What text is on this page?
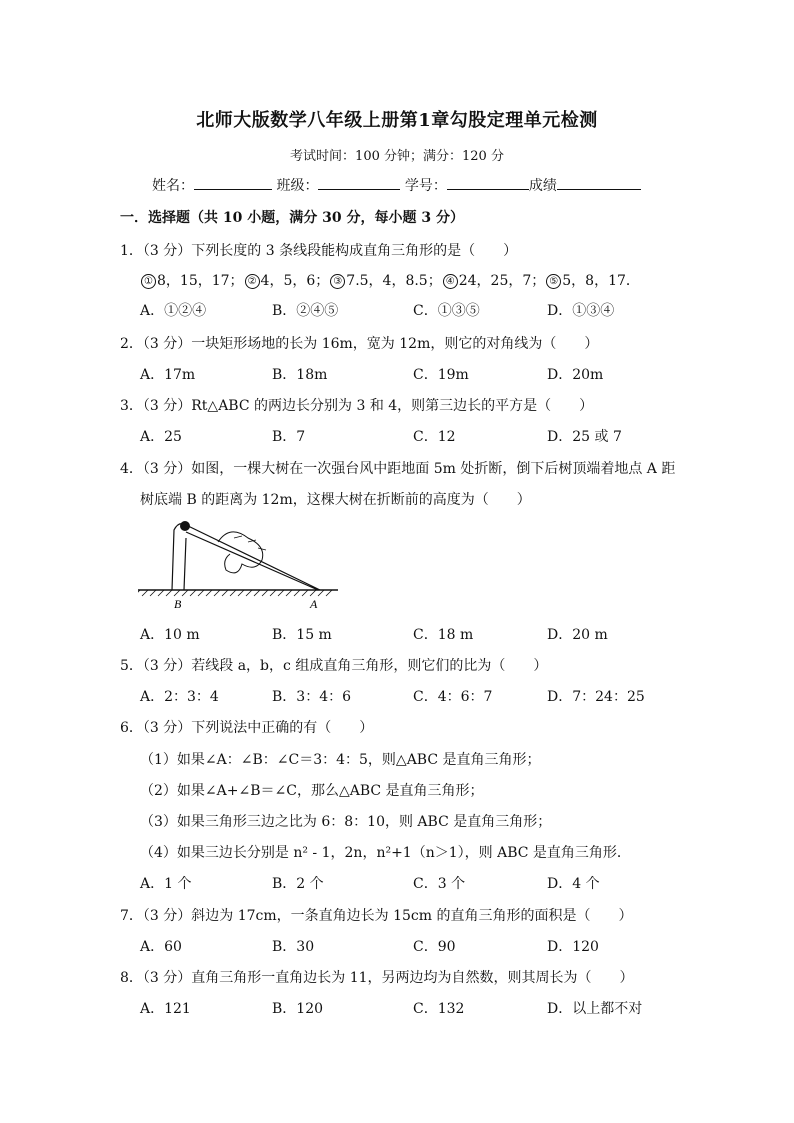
北师大版数学八年级上册第1章勾股定理单元检测
考试时间：100 分钟；满分：120 分
姓名：	班级：	学号：	成绩
一．选择题（共 10 小题，满分 30 分，每小题 3 分）
1．（3 分）下列长度的 3 条线段能构成直角三角形的是（　　）
① 8，15，17； ② 4，5，6； ③ 7.5，4，8.5； ④ 24，25，7； ⑤ 5，8，17．
A．①②④	B．②④⑤	C．①③⑤	D．①③④
2．（3 分）一块矩形场地的长为 16m，宽为 12m，则它的对角线为（　　）
A．17m	B．18m	C．19m	D．20m
3．（3 分）Rt△ABC 的两边长分别为 3 和 4，则第三边长的平方是（　　）
A．25	B．7	C．12	D．25 或 7
4．（3 分）如图，一棵大树在一次强台风中距地面 5m 处折断，倒下后树顶端着地点 A 距
树底端 B 的距离为 12m，这棵大树在折断前的高度为（　　）
B	A
A．10 m	B．15 m	C．18 m	D．20 m
5．（3 分）若线段 a，b，c 组成直角三角形，则它们的比为（　　）
A．2：3：4	B．3：4：6	C．4：6：7	D．7：24：25
6．（3 分）下列说法中正确的有（　　）
（1）如果∠A：∠B：∠C＝3：4：5，则△ABC 是直角三角形；
（2）如果∠A+∠B＝∠C，那么△ABC 是直角三角形；
（3）如果三角形三边之比为 6：8：10，则 ABC 是直角三角形；
（4）如果三边长分别是 n² - 1，2n，n²+1（n＞1），则 ABC 是直角三角形．
A．1 个	B．2 个	C．3 个	D．4 个
7．（3 分）斜边为 17cm，一条直角边长为 15cm 的直角三角形的面积是（　　）
A．60	B．30	C．90	D．120
8．（3 分）直角三角形一直角边长为 11，另两边均为自然数，则其周长为（　　）
A．121	B．120	C．132	D．以上都不对
